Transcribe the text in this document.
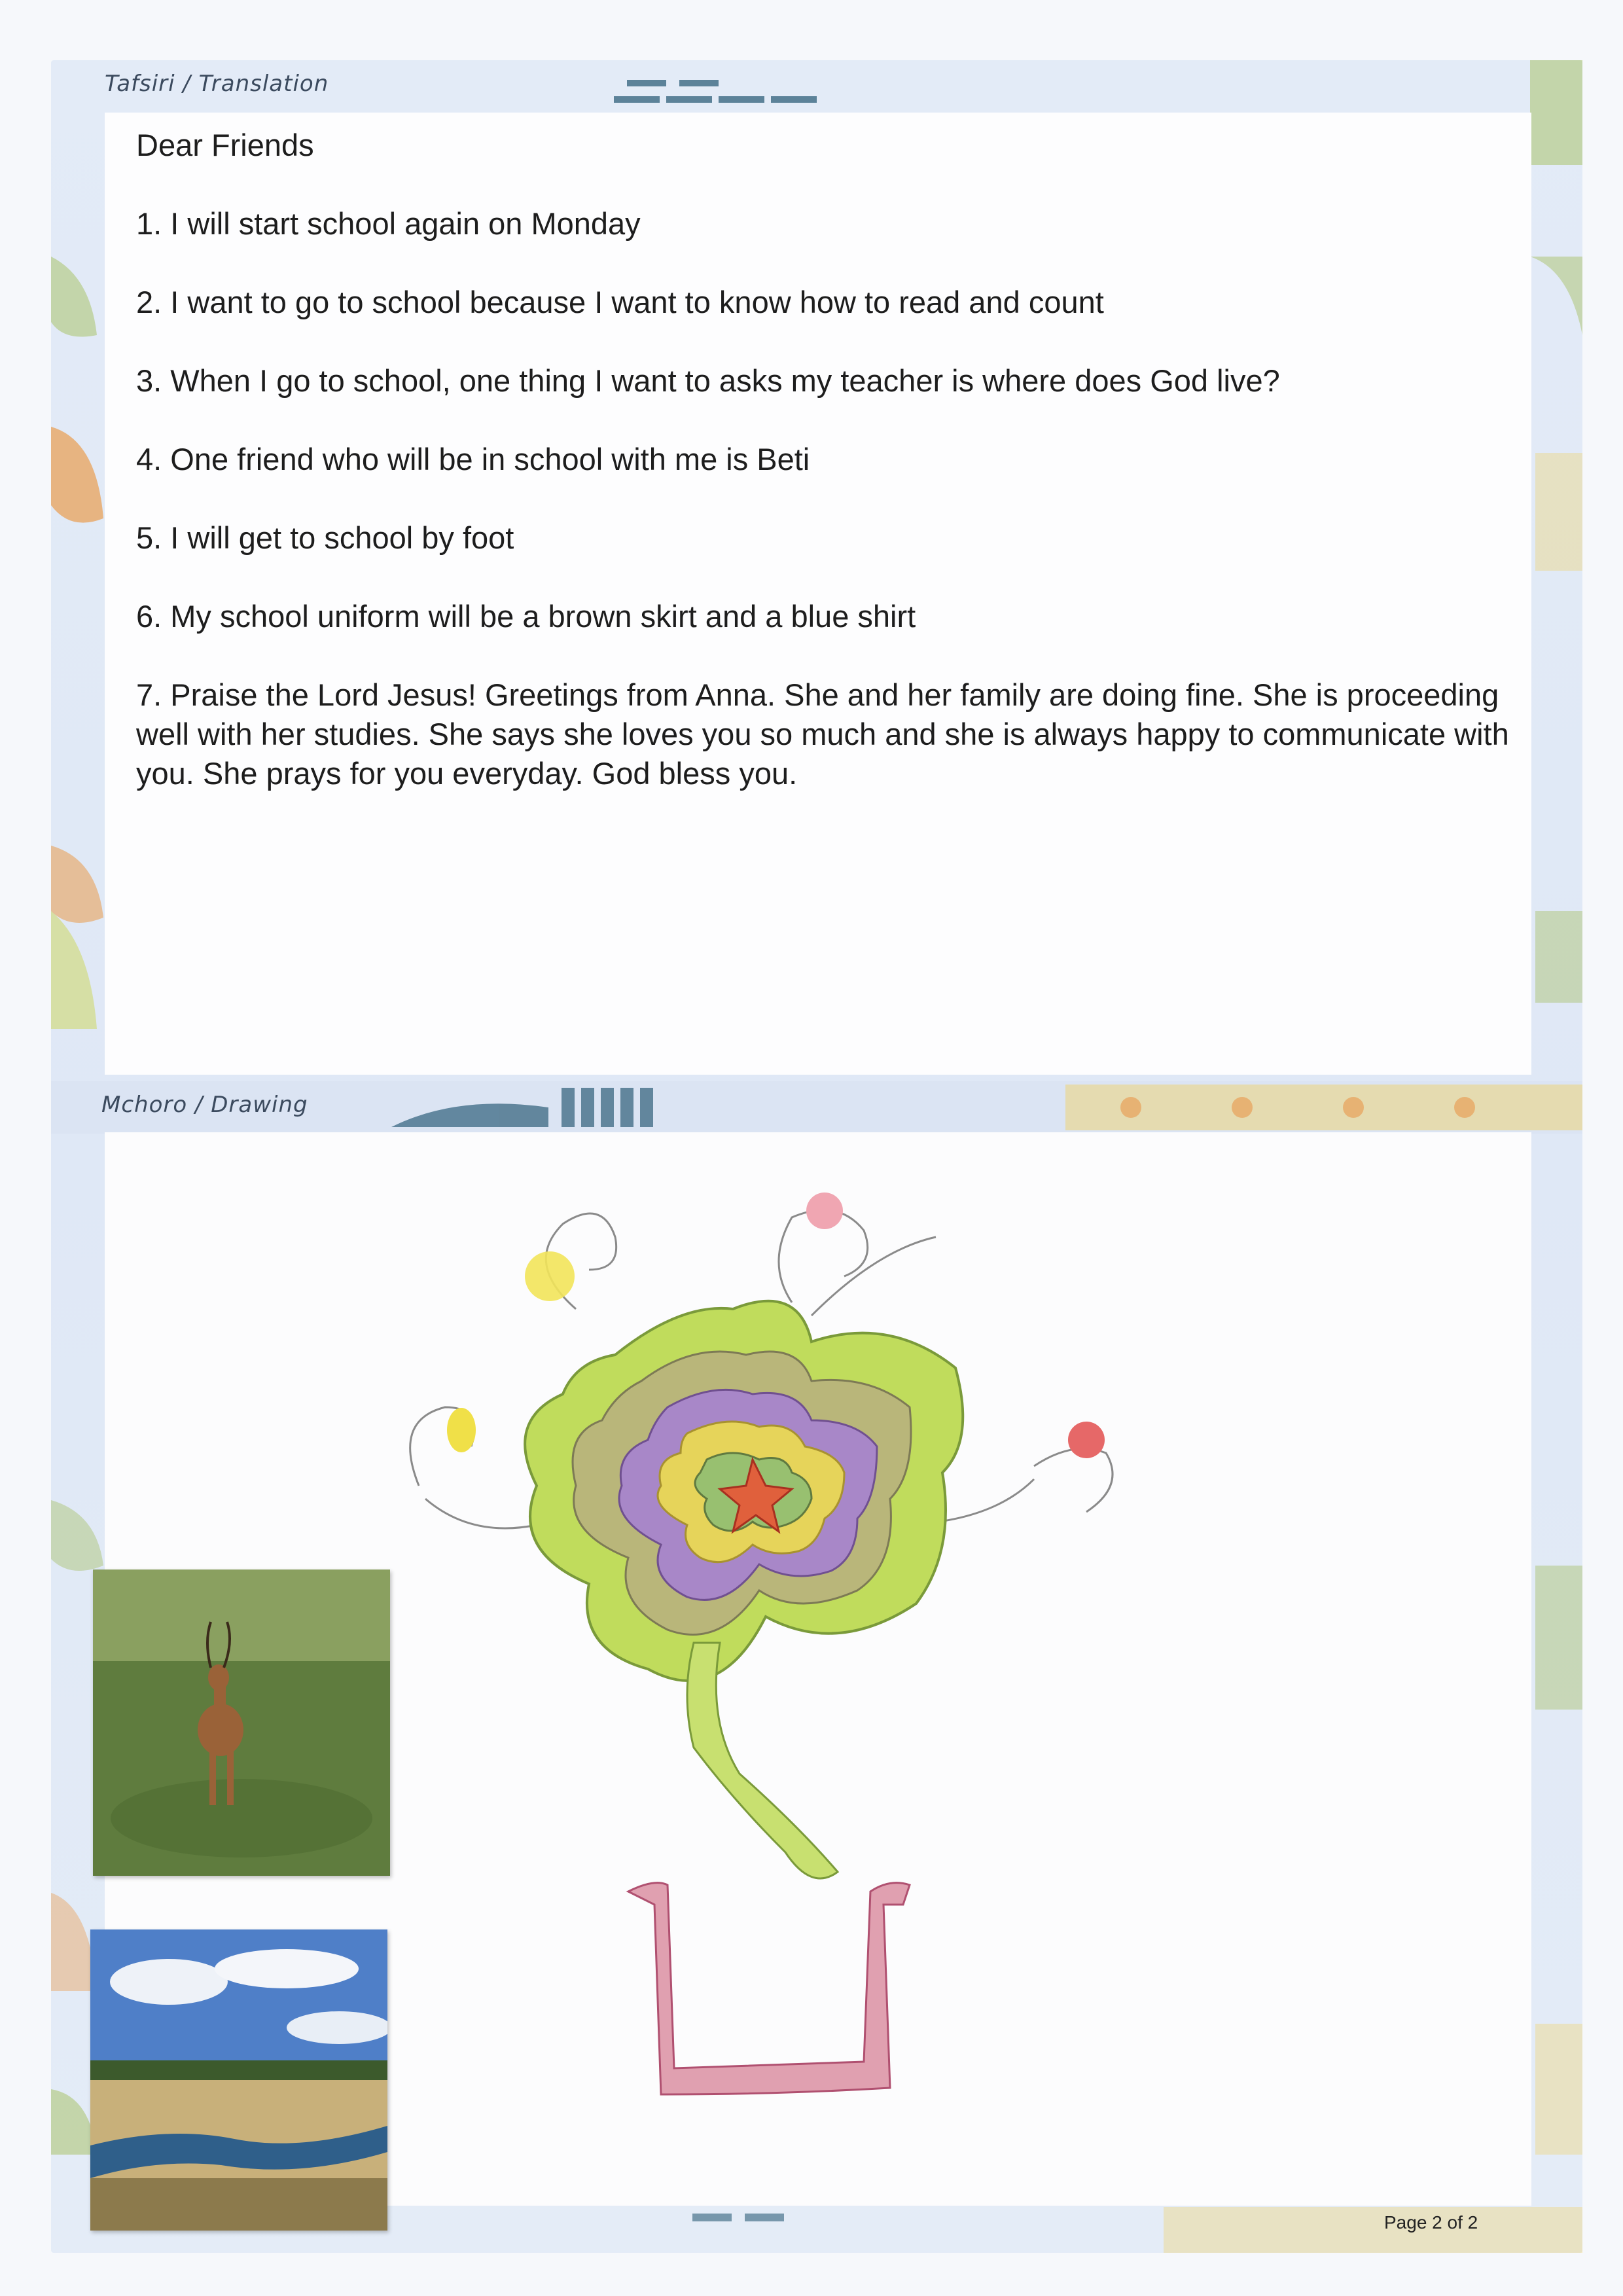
Tafsiri / Translation

Dear Friends

1. I will start school again on Monday

2. I want to go to school because I want to know how to read and count

3. When I go to school, one thing I want to asks my teacher is where does God live?

4. One friend who will be in school with me is Beti

5. I will get to school by foot

6. My school uniform will be a brown skirt and a blue shirt

7. Praise the Lord Jesus! Greetings from Anna. She and her family are doing fine. She is proceeding well with her studies. She says she loves you so much and she is always happy to communicate with you. She prays for you everyday. God bless you.

Mchoro / Drawing
Page 2 of 2
